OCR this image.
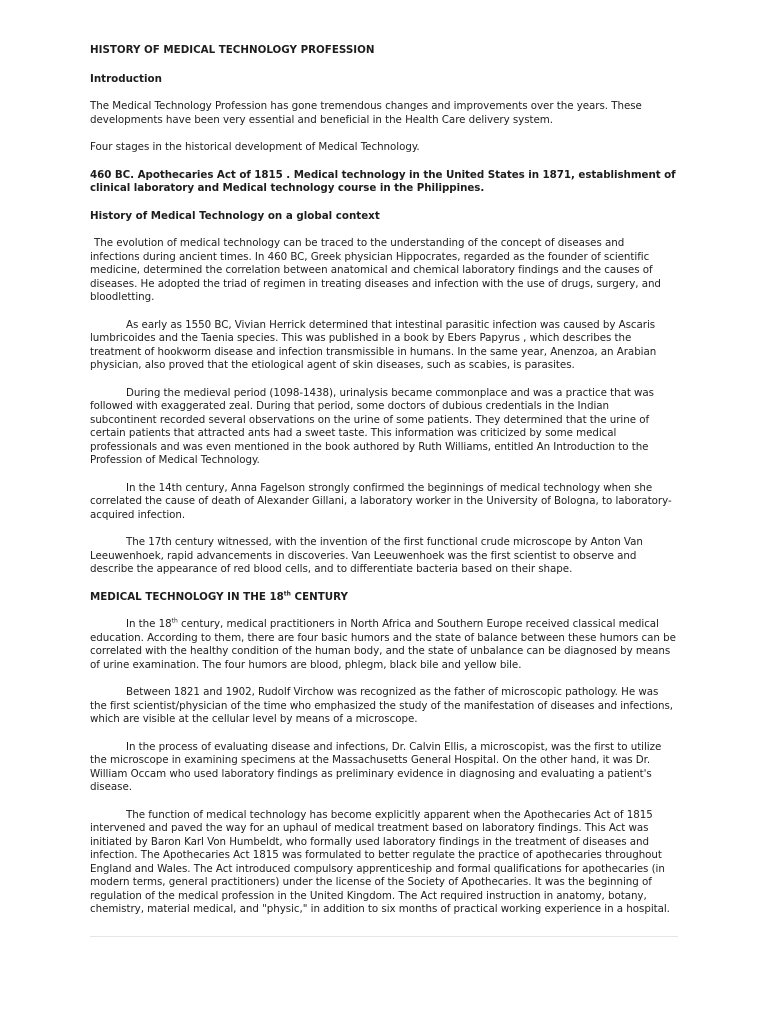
HISTORY OF MEDICAL TECHNOLOGY PROFESSION

Introduction

The Medical Technology Profession has gone tremendous changes and improvements over the years. These developments have been very essential and beneficial in the Health Care delivery system.

Four stages in the historical development of Medical Technology.

460 BC. Apothecaries Act of 1815 . Medical technology in the United States in 1871, establishment of clinical laboratory and Medical technology course in the Philippines.

History of Medical Technology on a global context

The evolution of medical technology can be traced to the understanding of the concept of diseases and infections during ancient times. In 460 BC, Greek physician Hippocrates, regarded as the founder of scientific medicine, determined the correlation between anatomical and chemical laboratory findings and the causes of diseases. He adopted the triad of regimen in treating diseases and infection with the use of drugs, surgery, and bloodletting.

As early as 1550 BC, Vivian Herrick determined that intestinal parasitic infection was caused by Ascaris lumbricoides and the Taenia species. This was published in a book by Ebers Papyrus , which describes the treatment of hookworm disease and infection transmissible in humans. In the same year, Anenzoa, an Arabian physician, also proved that the etiological agent of skin diseases, such as scabies, is parasites.

During the medieval period (1098-1438), urinalysis became commonplace and was a practice that was followed with exaggerated zeal. During that period, some doctors of dubious credentials in the Indian subcontinent recorded several observations on the urine of some patients. They determined that the urine of certain patients that attracted ants had a sweet taste. This information was criticized by some medical professionals and was even mentioned in the book authored by Ruth Williams, entitled An Introduction to the Profession of Medical Technology.

In the 14th century, Anna Fagelson strongly confirmed the beginnings of medical technology when she correlated the cause of death of Alexander Gillani, a laboratory worker in the University of Bologna, to laboratory-acquired infection.

The 17th century witnessed, with the invention of the first functional crude microscope by Anton Van Leeuwenhoek, rapid advancements in discoveries. Van Leeuwenhoek was the first scientist to observe and describe the appearance of red blood cells, and to differentiate bacteria based on their shape.

MEDICAL TECHNOLOGY IN THE 18th CENTURY

In the 18th century, medical practitioners in North Africa and Southern Europe received classical medical education. According to them, there are four basic humors and the state of balance between these humors can be correlated with the healthy condition of the human body, and the state of unbalance can be diagnosed by means of urine examination. The four humors are blood, phlegm, black bile and yellow bile.

Between 1821 and 1902, Rudolf Virchow was recognized as the father of microscopic pathology. He was the first scientist/physician of the time who emphasized the study of the manifestation of diseases and infections, which are visible at the cellular level by means of a microscope.

In the process of evaluating disease and infections, Dr. Calvin Ellis, a microscopist, was the first to utilize the microscope in examining specimens at the Massachusetts General Hospital. On the other hand, it was Dr. William Occam who used laboratory findings as preliminary evidence in diagnosing and evaluating a patient's disease.

The function of medical technology has become explicitly apparent when the Apothecaries Act of 1815 intervened and paved the way for an uphaul of medical treatment based on laboratory findings. This Act was initiated by Baron Karl Von Humbeldt, who formally used laboratory findings in the treatment of diseases and infection. The Apothecaries Act 1815 was formulated to better regulate the practice of apothecaries throughout England and Wales. The Act introduced compulsory apprenticeship and formal qualifications for apothecaries (in modern terms, general practitioners) under the license of the Society of Apothecaries. It was the beginning of regulation of the medical profession in the United Kingdom. The Act required instruction in anatomy, botany, chemistry, material medical, and "physic," in addition to six months of practical working experience in a hospital.
